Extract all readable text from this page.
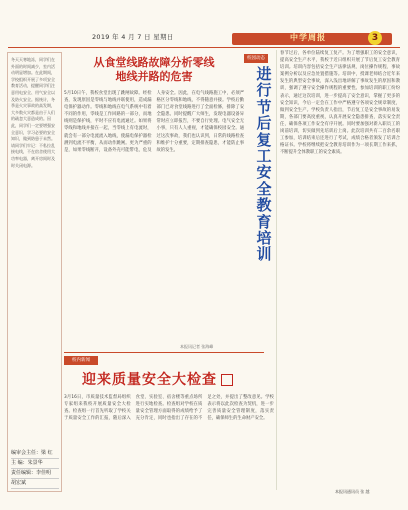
2019 年 4 月 7 日 星期日	中学周报	3
冬天天寒地冻，同学们在外面的时间减少，室内活动明显增加。在此期间，学校组织开展了多项安全教育活动，提醒同学们注意用电安全、用气安全以及防火安全。据统计，冬季是火灾事故的高发期，大多数火灾都是由于人们的疏忽大意造成的。因此，同学们一定要增强安全意识，学习必要的安全知识，做到防患于未然。请同学们牢记：不私拉乱接电线，不在宿舍使用大功率电器，离开房间时及时关闭电源。
编审会主任：梁 红
主 编：朱景华
责任编辑：李佳明
胡宏斌
从食堂线路故障分析零线
地线并路的危害
5月10日午，我校食堂出现了跳闸故障。经检查，发现原因是零线与地线并联使用，造成漏电保护器动作。零线和地线在电气系统中有着不同的作用，零线是工作回路的一部分，而地线则是保护线，平时不应有电流通过。如果将零线和地线并接在一起，当零线上有电流时，就会有一部分电流流入地线，使漏电保护器检测到电流不平衡，从而动作跳闸。更为严重的是，如果零线断开，设备外壳可能带电，危及人身安全。因此，在电气线路施工中，必须严格区分零线和地线，不得随意并接。学校后勤部门已对食堂线路进行了全面检修，排除了安全隐患。同时提醒广大师生，发现电器设备异常时应立即报告，不要自行处理。电气安全无小事，只有人人重视，才能确保校园安全。通过这次事故，我们也认识到，日常的线路检查和维护十分重要，定期排查隐患，才能防止事故的发生。
本报讯记者 张海峰
校园动态
进行节后复工安全教育培训
春节过后，各单位陆续复工复产。为了增强职工的安全意识，提高安全生产水平，我校于近日组织开展了节后复工安全教育培训。培训内容包括安全生产法律法规、岗位操作规程、事故案例分析以及应急处置措施等。培训中，授课老师结合近年来发生的典型安全事故，深入浅出地讲解了事故发生的原因和教训，强调了遵守安全操作规程的重要性。参加培训的职工纷纷表示，通过这次培训，进一步提高了安全意识，掌握了更多的安全知识，今后一定会在工作中严格遵守各项安全规章制度，做到安全生产。学校负责人指出，节后复工是安全事故的易发期，各部门要高度重视，认真开展安全隐患排查，落实安全责任，确保各项工作安全有序开展。同时要加强对新入职员工的岗前培训，切实做到先培训后上岗。此次培训共有二百余名职工参加，培训结束后还进行了考试，成绩合格者颁发了培训合格证书。学校将继续把安全教育培训作为一项长期工作来抓，不断提升全体教职工的安全素质。
本报讯通讯员 张 越
校内新闻
迎来质量安全大检查
3月16日，市质量技术监督局组织专家组来我校开展质量安全大检查。检查组一行首先听取了学校关于质量安全工作的汇报，随后深入食堂、实验室、宿舍楼等重点场所进行实地检查。检查组对学校在质量安全管理方面取得的成绩给予了充分肯定，同时也指出了存在的不足之处，并提出了整改意见。学校表示将以此次检查为契机，进一步完善质量安全管理制度，落实责任，确保师生的生命财产安全。
